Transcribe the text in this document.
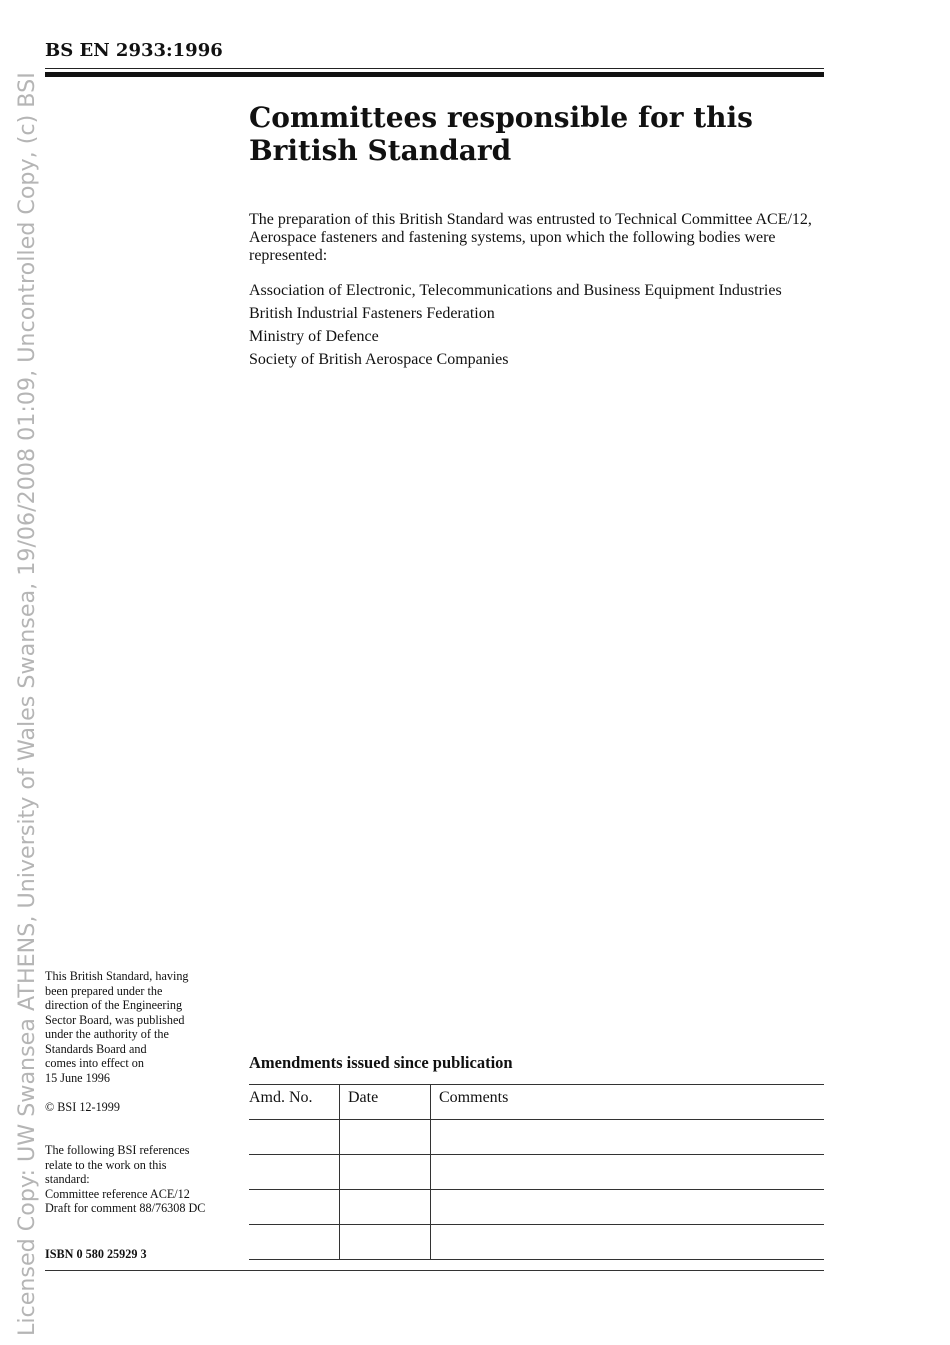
Licensed Copy: UW Swansea ATHENS, University of Wales Swansea, 19/06/2008 01:09, Uncontrolled Copy, (c) BSI
BS EN 2933:1996
Committees responsible for this
British Standard

The preparation of this British Standard was entrusted to Technical Committee ACE/12, Aerospace fasteners and fastening systems, upon which the following bodies were represented:

Association of Electronic, Telecommunications and Business Equipment Industries
British Industrial Fasteners Federation
Ministry of Defence
Society of British Aerospace Companies
This British Standard, having
been prepared under the
direction of the Engineering
Sector Board, was published
under the authority of the
Standards Board and
comes into effect on
15 June 1996
© BSI 12-1999
The following BSI references
relate to the work on this
standard:
Committee reference ACE/12
Draft for comment 88/76308 DC
ISBN 0 580 25929 3
Amendments issued since publication
Amd. No.	Date	Comments
